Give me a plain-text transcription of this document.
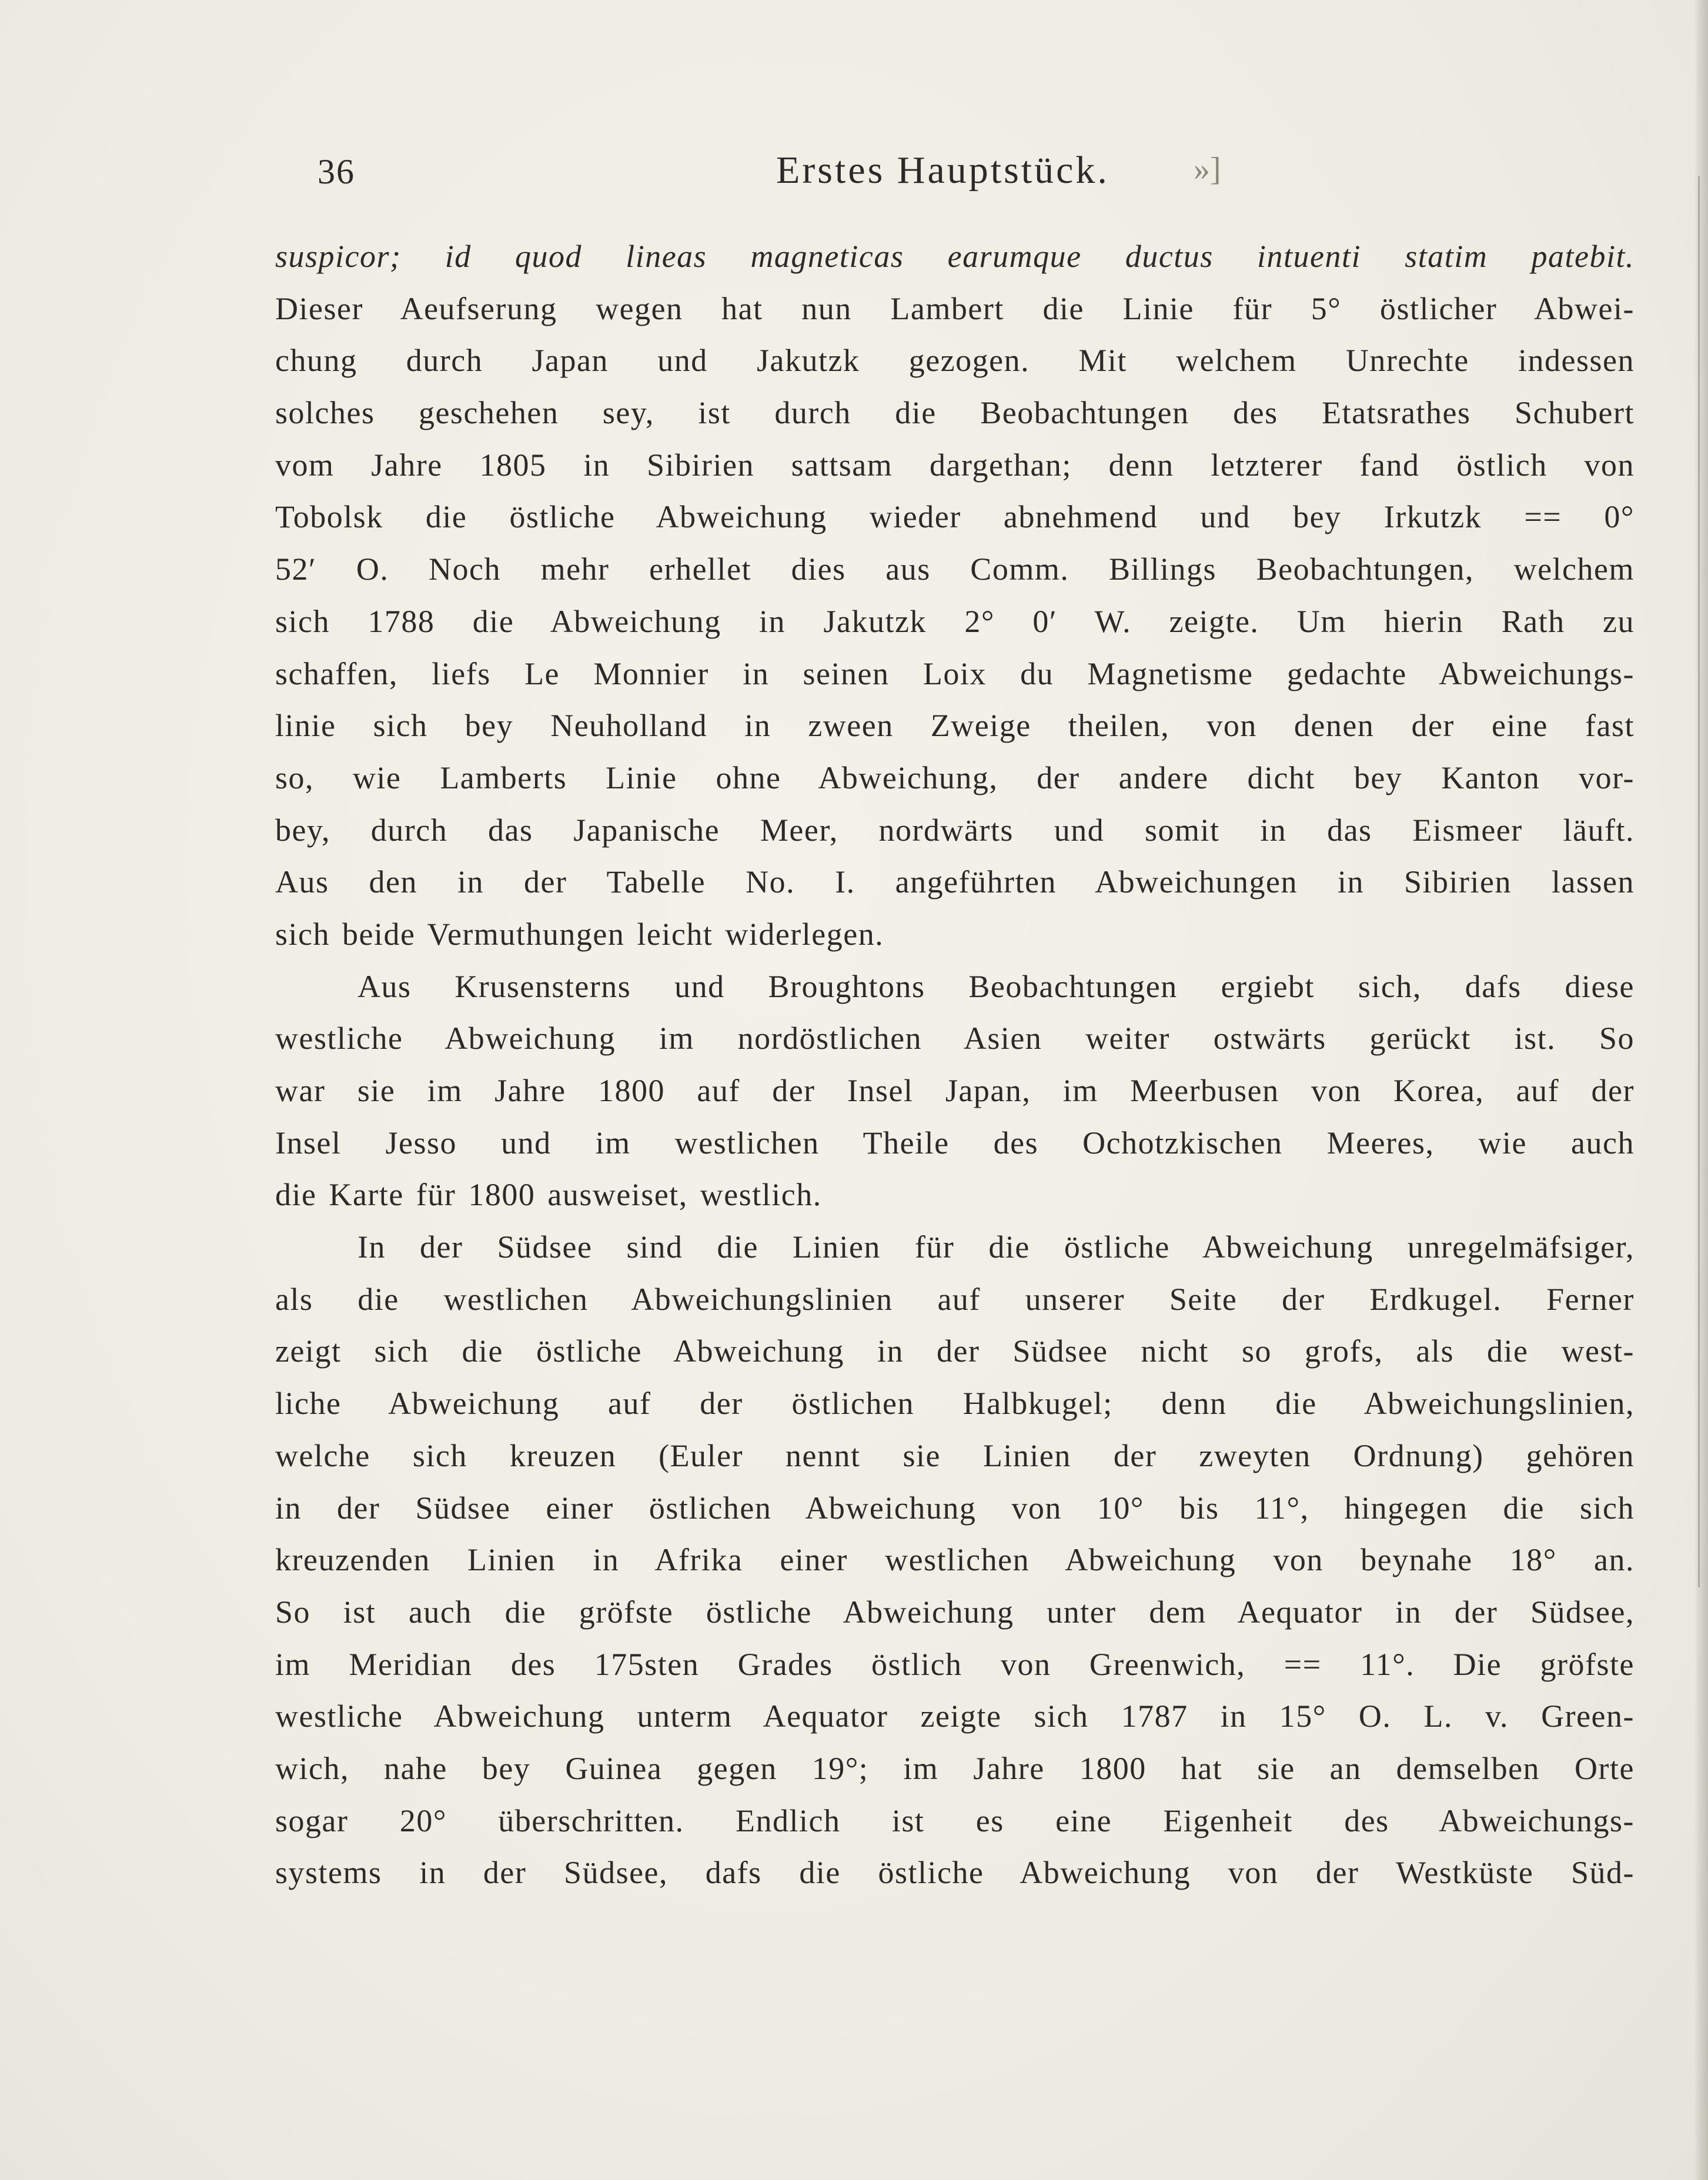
36	Erstes Hauptstück.	»]
suspicor; id quod lineas magneticas earumque ductus intuenti statim patebit.
Dieser Aeufserung wegen hat nun Lambert die Linie für 5° östlicher Abwei-
chung durch Japan und Jakutzk gezogen. Mit welchem Unrechte indessen
solches geschehen sey, ist durch die Beobachtungen des Etatsrathes Schubert
vom Jahre 1805 in Sibirien sattsam dargethan; denn letzterer fand östlich von
Tobolsk die östliche Abweichung wieder abnehmend und bey Irkutzk == 0°
52′ O. Noch mehr erhellet dies aus Comm. Billings Beobachtungen, welchem
sich 1788 die Abweichung in Jakutzk 2° 0′ W. zeigte. Um hierin Rath zu
schaffen, liefs Le Monnier in seinen Loix du Magnetisme gedachte Abweichungs-
linie sich bey Neuholland in zween Zweige theilen, von denen der eine fast
so, wie Lamberts Linie ohne Abweichung, der andere dicht bey Kanton vor-
bey, durch das Japanische Meer, nordwärts und somit in das Eismeer läuft.
Aus den in der Tabelle No. I. angeführten Abweichungen in Sibirien lassen
sich beide Vermuthungen leicht widerlegen.
Aus Krusensterns und Broughtons Beobachtungen ergiebt sich, dafs diese
westliche Abweichung im nordöstlichen Asien weiter ostwärts gerückt ist. So
war sie im Jahre 1800 auf der Insel Japan, im Meerbusen von Korea, auf der
Insel Jesso und im westlichen Theile des Ochotzkischen Meeres, wie auch
die Karte für 1800 ausweiset, westlich.
In der Südsee sind die Linien für die östliche Abweichung unregelmäfsiger,
als die westlichen Abweichungslinien auf unserer Seite der Erdkugel. Ferner
zeigt sich die östliche Abweichung in der Südsee nicht so grofs, als die west-
liche Abweichung auf der östlichen Halbkugel; denn die Abweichungslinien,
welche sich kreuzen (Euler nennt sie Linien der zweyten Ordnung) gehören
in der Südsee einer östlichen Abweichung von 10° bis 11°, hingegen die sich
kreuzenden Linien in Afrika einer westlichen Abweichung von beynahe 18° an.
So ist auch die gröfste östliche Abweichung unter dem Aequator in der Südsee,
im Meridian des 175sten Grades östlich von Greenwich, == 11°. Die gröfste
westliche Abweichung unterm Aequator zeigte sich 1787 in 15° O. L. v. Green-
wich, nahe bey Guinea gegen 19°; im Jahre 1800 hat sie an demselben Orte
sogar 20° überschritten. Endlich ist es eine Eigenheit des Abweichungs-
systems in der Südsee, dafs die östliche Abweichung von der Westküste Süd-
